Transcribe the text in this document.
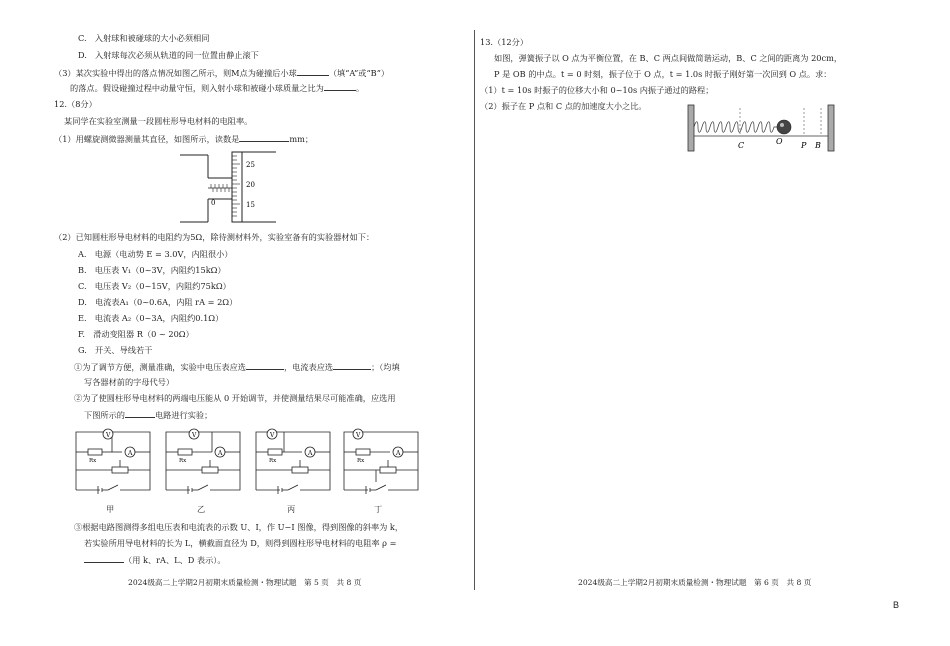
C.　入射球和被碰球的大小必须相同
D.　入射球每次必须从轨道的同一位置由静止滚下
（3）某次实验中得出的落点情况如图乙所示，则M点为碰撞后小球	（填“A”或“B”）
的落点。假设碰撞过程中动量守恒，则入射小球和被碰小球质量之比为	。
12.（8分）
某同学在实验室测量一段圆柱形导电材料的电阻率。
（1）用螺旋测微器测量其直径，如图所示，读数是	mm；
25
20
15
0
（2）已知圆柱形导电材料的电阻约为5Ω，除待测材料外，实验室备有的实验器材如下：
A.　电源（电动势 E = 3.0V，内阻很小）
B.　电压表 V₁（0~3V，内阻约15kΩ）
C.　电压表 V₂（0~15V，内阻约75kΩ）
D.　电流表A₁（0~0.6A，内阻 rA = 2Ω）
E.　电流表 A₂（0~3A，内阻约0.1Ω）
F.　滑动变阻器 R（0 ~ 20Ω）
G.　开关、导线若干
①为了调节方便，测量准确，实验中电压表应选	，电流表应选	；（均填
写各器材前的字母代号）
②为了使圆柱形导电材料的两端电压能从 0 开始调节，并使测量结果尽可能准确，应选用
下图所示的	电路进行实验；
V
A
Rx
V
A
Rx
V
A
Rx
V
A
Rx
甲	乙	丙	丁
③根据电路图测得多组电压表和电流表的示数 U、I，作 U−I 图像，得到图像的斜率为 k，
若实验所用导电材料的长为 L，横截面直径为 D，则得到圆柱形导电材料的电阻率 ρ =
（用 k、rA、L、D 表示）。
2024级高二上学期2月初期末质量检测・物理试题　第 5 页　共 8 页
13.（12分）
如图，弹簧振子以 O 点为平衡位置，在 B、C 两点间做简谐运动，B、C 之间的距离为 20cm，
P 是 OB 的中点。t = 0 时刻，振子位于 O 点，t = 1.0s 时振子刚好第一次回到 O 点。求：
（1）t = 10s 时振子的位移大小和 0~10s 内振子通过的路程；
（2）振子在 P 点和 C 点的加速度大小之比。
C	O P B
2024级高二上学期2月初期末质量检测・物理试题　第 6 页　共 8 页
B
